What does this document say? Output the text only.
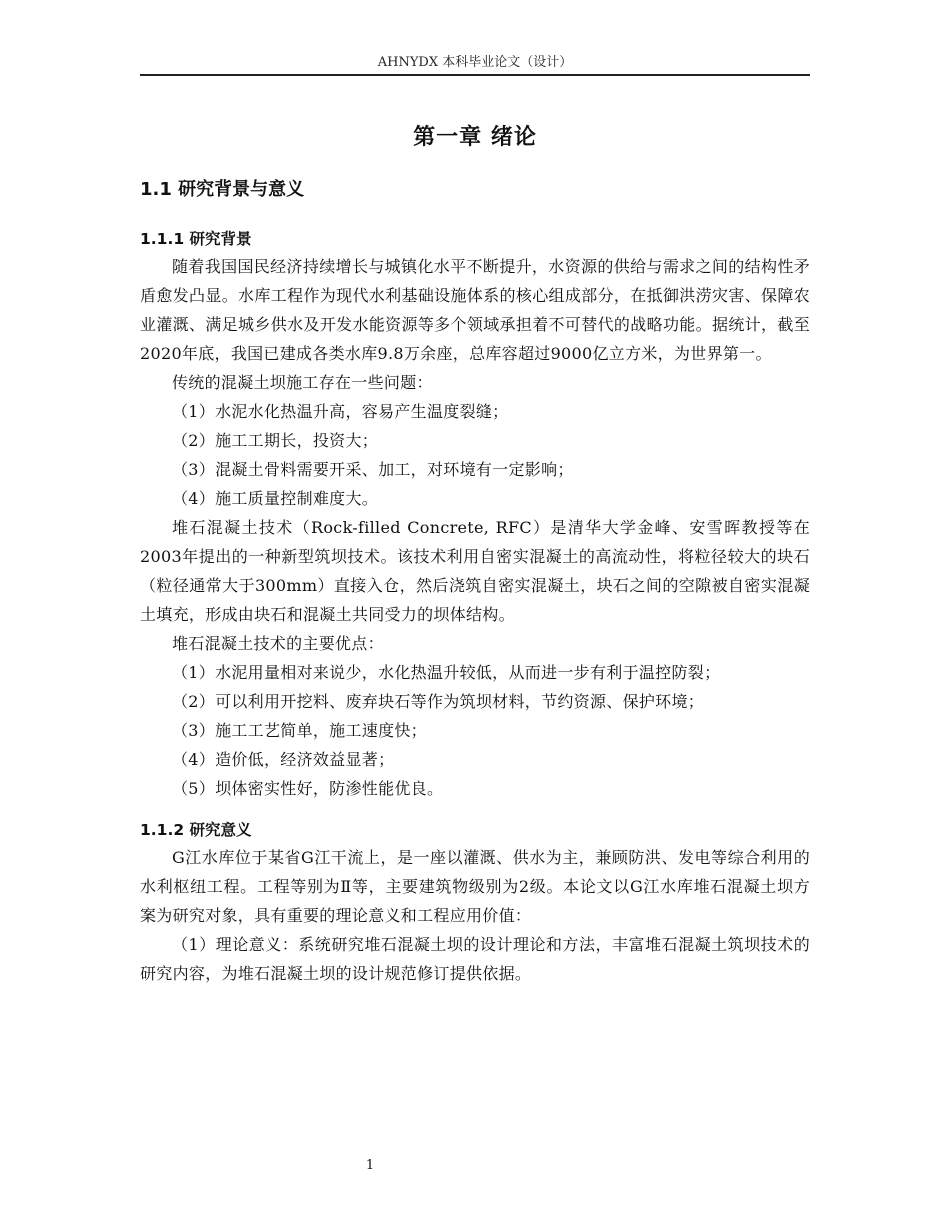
AHNYDX 本科毕业论文（设计）
第一章 绪论
1.1 研究背景与意义
1.1.1 研究背景

随着我国国民经济持续增长与城镇化水平不断提升，水资源的供给与需求之间的结构性矛盾愈发凸显。水库工程作为现代水利基础设施体系的核心组成部分，在抵御洪涝灾害、保障农业灌溉、满足城乡供水及开发水能资源等多个领域承担着不可替代的战略功能。据统计，截至2020年底，我国已建成各类水库9.8万余座，总库容超过9000亿立方米，为世界第一。

传统的混凝土坝施工存在一些问题：

（1）水泥水化热温升高，容易产生温度裂缝；

（2）施工工期长，投资大；

（3）混凝土骨料需要开采、加工，对环境有一定影响；

（4）施工质量控制难度大。

堆石混凝土技术（Rock-filled Concrete, RFC）是清华大学金峰、安雪晖教授等在2003年提出的一种新型筑坝技术。该技术利用自密实混凝土的高流动性，将粒径较大的块石（粒径通常大于300mm）直接入仓，然后浇筑自密实混凝土，块石之间的空隙被自密实混凝土填充，形成由块石和混凝土共同受力的坝体结构。

堆石混凝土技术的主要优点：

（1）水泥用量相对来说少，水化热温升较低，从而进一步有利于温控防裂；

（2）可以利用开挖料、废弃块石等作为筑坝材料，节约资源、保护环境；

（3）施工工艺简单，施工速度快；

（4）造价低，经济效益显著；

（5）坝体密实性好，防渗性能优良。

1.1.2 研究意义

G江水库位于某省G江干流上，是一座以灌溉、供水为主，兼顾防洪、发电等综合利用的水利枢纽工程。工程等别为Ⅱ等，主要建筑物级别为2级。本论文以G江水库堆石混凝土坝方案为研究对象，具有重要的理论意义和工程应用价值：

（1）理论意义：系统研究堆石混凝土坝的设计理论和方法，丰富堆石混凝土筑坝技术的研究内容，为堆石混凝土坝的设计规范修订提供依据。

1
